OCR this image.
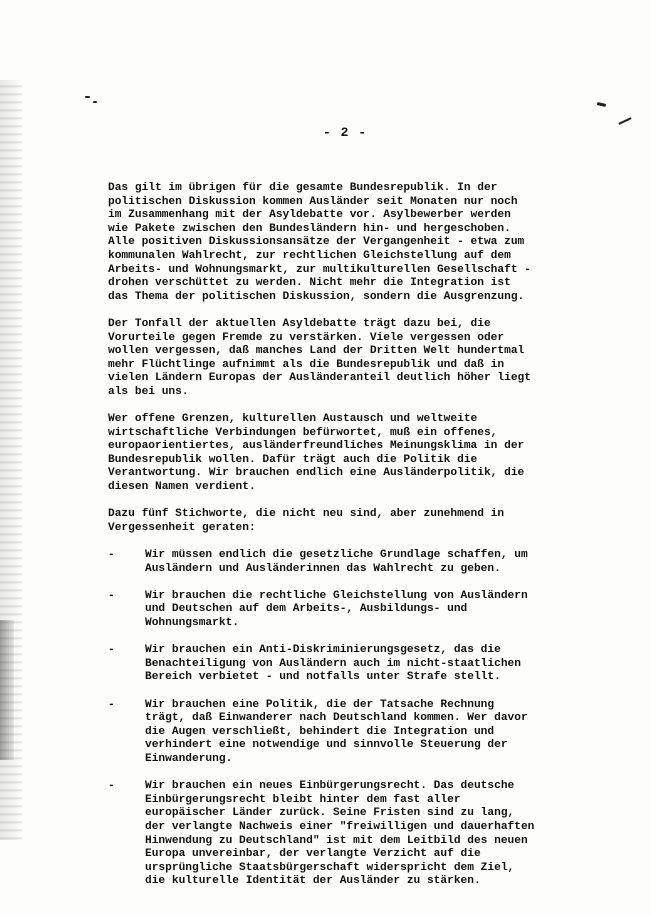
- 2 -

Das gilt im übrigen für die gesamte Bundesrepublik. In der
politischen Diskussion kommen Ausländer seit Monaten nur noch
im Zusammenhang mit der Asyldebatte vor. Asylbewerber werden
wie Pakete zwischen den Bundesländern hin- und hergeschoben.
Alle positiven Diskussionsansätze der Vergangenheit - etwa zum
kommunalen Wahlrecht, zur rechtlichen Gleichstellung auf dem
Arbeits- und Wohnungsmarkt, zur multikulturellen Gesellschaft -
drohen verschüttet zu werden. Nicht mehr die Integration ist
das Thema der politischen Diskussion, sondern die Ausgrenzung.

Der Tonfall der aktuellen Asyldebatte trägt dazu bei, die
Vorurteile gegen Fremde zu verstärken. Viele vergessen oder
wollen vergessen, daß manches Land der Dritten Welt hundertmal
mehr Flüchtlinge aufnimmt als die Bundesrepublik und daß in
vielen Ländern Europas der Ausländeranteil deutlich höher liegt
als bei uns.

Wer offene Grenzen, kulturellen Austausch und weltweite
wirtschaftliche Verbindungen befürwortet, muß ein offenes,
europaorientiertes, ausländerfreundliches Meinungsklima in der
Bundesrepublik wollen. Dafür trägt auch die Politik die
Verantwortung. Wir brauchen endlich eine Ausländerpolitik, die
diesen Namen verdient.

Dazu fünf Stichworte, die nicht neu sind, aber zunehmend in
Vergessenheit geraten:

-	Wir müssen endlich die gesetzliche Grundlage schaffen, um
Ausländern und Ausländerinnen das Wahlrecht zu geben.
-	Wir brauchen die rechtliche Gleichstellung von Ausländern
und Deutschen auf dem Arbeits-, Ausbildungs- und
Wohnungsmarkt.
-	Wir brauchen ein Anti-Diskriminierungsgesetz, das die
Benachteiligung von Ausländern auch im nicht-staatlichen
Bereich verbietet - und notfalls unter Strafe stellt.
-	Wir brauchen eine Politik, die der Tatsache Rechnung
trägt, daß Einwanderer nach Deutschland kommen. Wer davor
die Augen verschließt, behindert die Integration und
verhindert eine notwendige und sinnvolle Steuerung der
Einwanderung.
-	Wir brauchen ein neues Einbürgerungsrecht. Das deutsche
Einbürgerungsrecht bleibt hinter dem fast aller
europäischer Länder zurück. Seine Fristen sind zu lang,
der verlangte Nachweis einer "freiwilligen und dauerhaften
Hinwendung zu Deutschland" ist mit dem Leitbild des neuen
Europa unvereinbar, der verlangte Verzicht auf die
ursprüngliche Staatsbürgerschaft widerspricht dem Ziel,
die kulturelle Identität der Ausländer zu stärken.
